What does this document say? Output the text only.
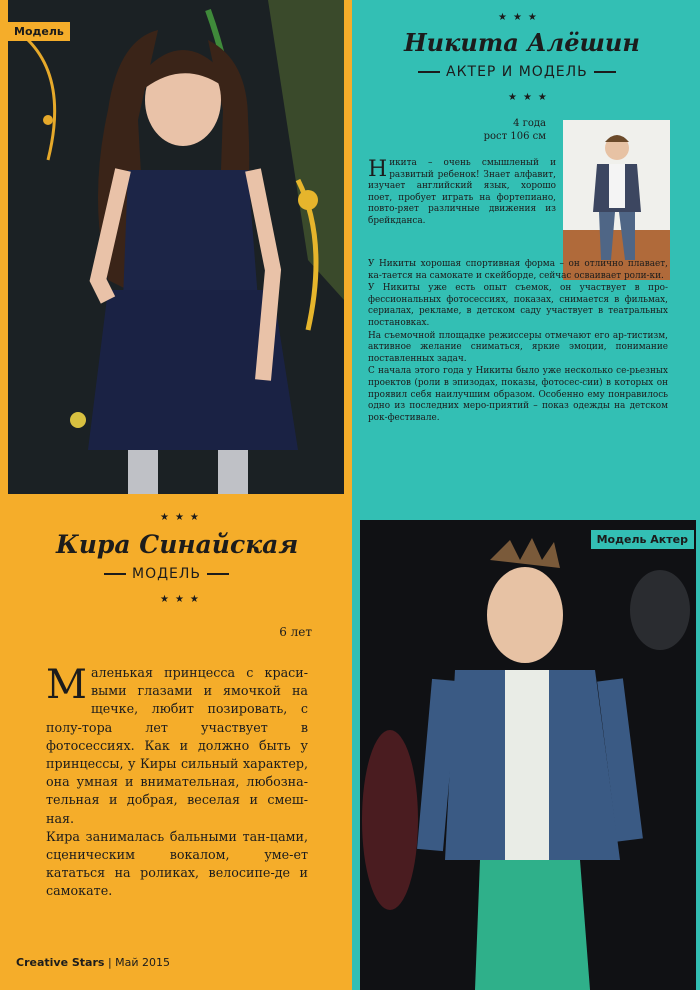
Модель
★★★
Никита Алёшин
АКТЕР И МОДЕЛЬ
★★★
4 года
рост 106 см

Никита – очень смышленый и развитый ребенок! Знает алфавит, изучает английский язык, хорошо поет, пробует играть на фортепиано, повто-ряет различные движения из брейкданса.

У Никиты хорошая спортивная форма – он отлично плавает, ка-тается на самокате и скейборде, сейчас осваивает роли-ки.

У Никиты уже есть опыт съемок, он участвует в про-фессиональных фотосессиях, показах, снимается в фильмах, сериалах, рекламе, в детском саду участвует в театральных постановках.

На съемочной площадке режиссеры отмечают его ар-тистизм, активное желание сниматься, яркие эмоции, понимание поставленных задач.

С начала этого года у Никиты было уже несколько се-рьезных проектов (роли в эпизодах, показы, фотосес-сии) в которых он проявил себя наилучшим образом. Особенно ему понравилось одно из последних меро-приятий – показ одежды на детском рок-фестивале.

Модель Актер
★★★
Кира Синайская
МОДЕЛЬ
★★★
6 лет

Маленькая принцесса с краси-выми глазами и ямочкой на щечке, любит позировать, с полу-тора лет участвует в фотосессиях. Как и должно быть у принцессы, у Киры сильный характер, она умная и внимательная, любозна-тельная и добрая, веселая и смеш-ная.

Кира занималась бальными тан-цами, сценическим вокалом, уме-ет кататься на роликах, велосипе-де и самокате.

Creative Stars | Май 2015
